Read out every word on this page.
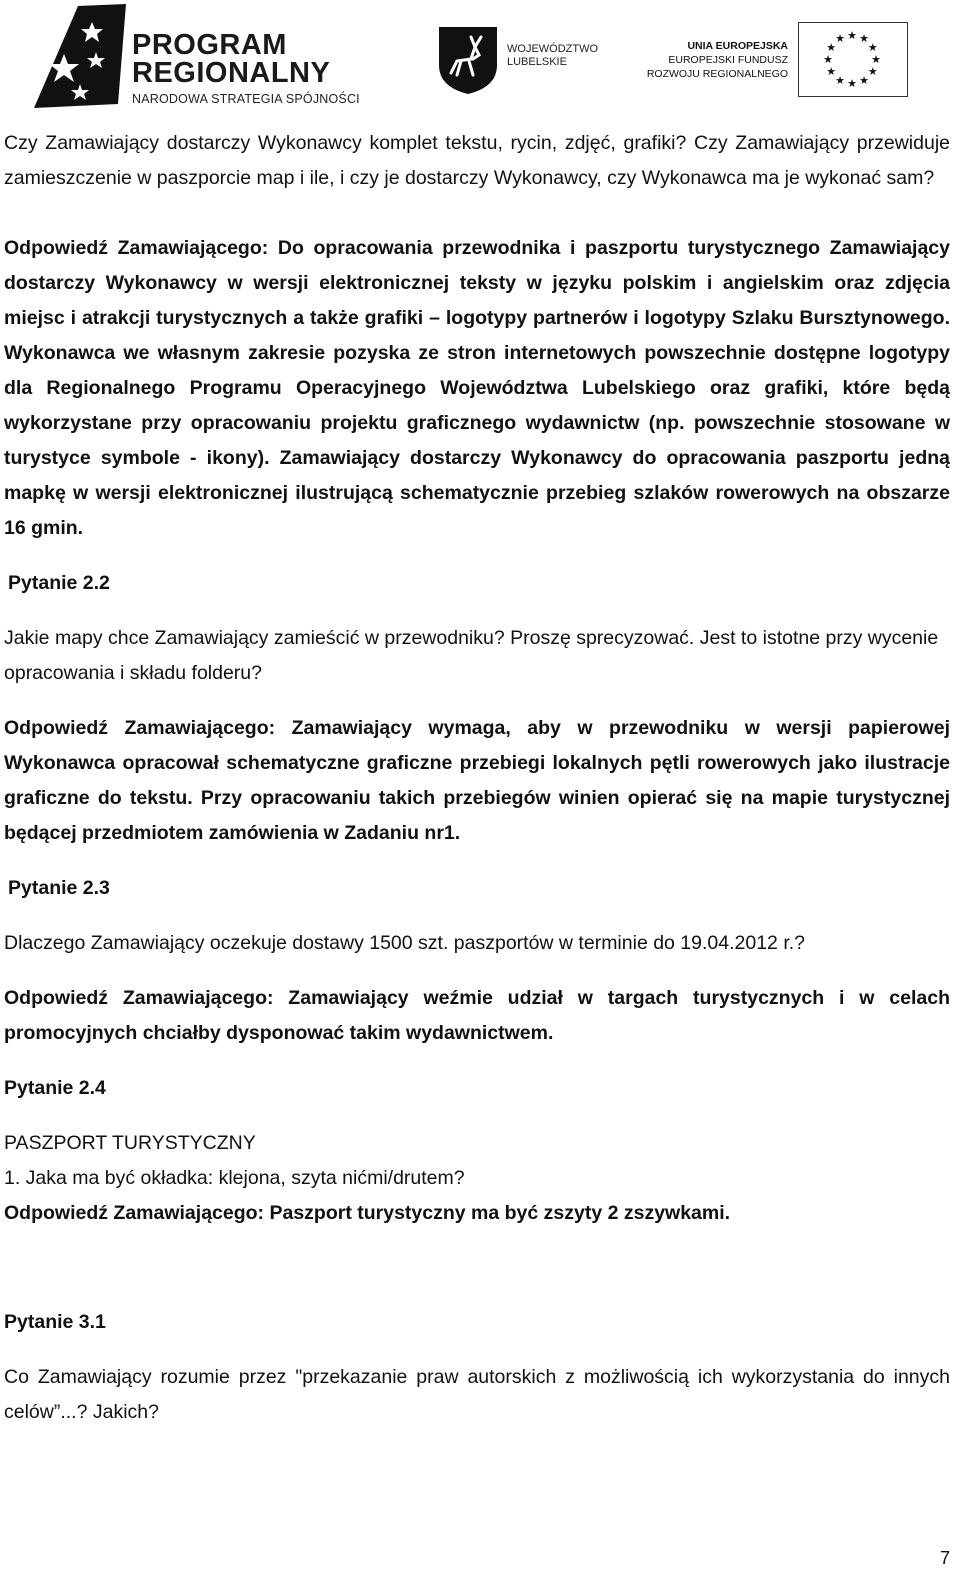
PROGRAM
REGIONALNY
NARODOWA STRATEGIA SPÓJNOŚCI
WOJEWÓDZTWO
LUBELSKIE
UNIA EUROPEJSKA
EUROPEJSKI FUNDUSZ
ROZWOJU REGIONALNEGO
★ ★
★
★
★
★
★
★
★
★
★
★

Czy Zamawiający dostarczy Wykonawcy komplet tekstu, rycin, zdjęć, grafiki? Czy Zamawiający przewiduje zamieszczenie w paszporcie map i ile, i czy je dostarczy Wykonawcy, czy Wykonawca ma je wykonać sam?

Odpowiedź Zamawiającego: Do opracowania przewodnika i paszportu turystycznego Zamawiający dostarczy Wykonawcy w wersji elektronicznej teksty w języku polskim i angielskim oraz zdjęcia miejsc i atrakcji turystycznych a także grafiki – logotypy partnerów i logotypy Szlaku Bursztynowego. Wykonawca we własnym zakresie pozyska ze stron internetowych powszechnie dostępne logotypy dla Regionalnego Programu Operacyjnego Województwa Lubelskiego oraz grafiki, które będą wykorzystane przy opracowaniu projektu graficznego wydawnictw (np. powszechnie stosowane w turystyce symbole - ikony). Zamawiający dostarczy Wykonawcy do opracowania paszportu jedną mapkę w wersji elektronicznej ilustrującą schematycznie przebieg szlaków rowerowych na obszarze 16 gmin.

Pytanie 2.2

Jakie mapy chce Zamawiający zamieścić w przewodniku? Proszę sprecyzować. Jest to istotne przy wycenie opracowania i składu folderu?

Odpowiedź Zamawiającego: Zamawiający wymaga, aby w przewodniku w wersji papierowej Wykonawca opracował schematyczne graficzne przebiegi lokalnych pętli rowerowych jako ilustracje graficzne do tekstu. Przy opracowaniu takich przebiegów winien opierać się na mapie turystycznej będącej przedmiotem zamówienia w Zadaniu nr1.

Pytanie 2.3

Dlaczego Zamawiający oczekuje dostawy 1500 szt. paszportów w terminie do 19.04.2012 r.?

Odpowiedź Zamawiającego: Zamawiający weźmie udział w targach turystycznych i w celach promocyjnych chciałby dysponować takim wydawnictwem.

Pytanie 2.4

PASZPORT TURYSTYCZNY

1. Jaka ma być okładka: klejona, szyta nićmi/drutem?

Odpowiedź Zamawiającego: Paszport turystyczny ma być zszyty 2 zszywkami.

Pytanie 3.1

Co Zamawiający rozumie przez "przekazanie praw autorskich z możliwością ich wykorzystania do innych celów”...? Jakich?

7
